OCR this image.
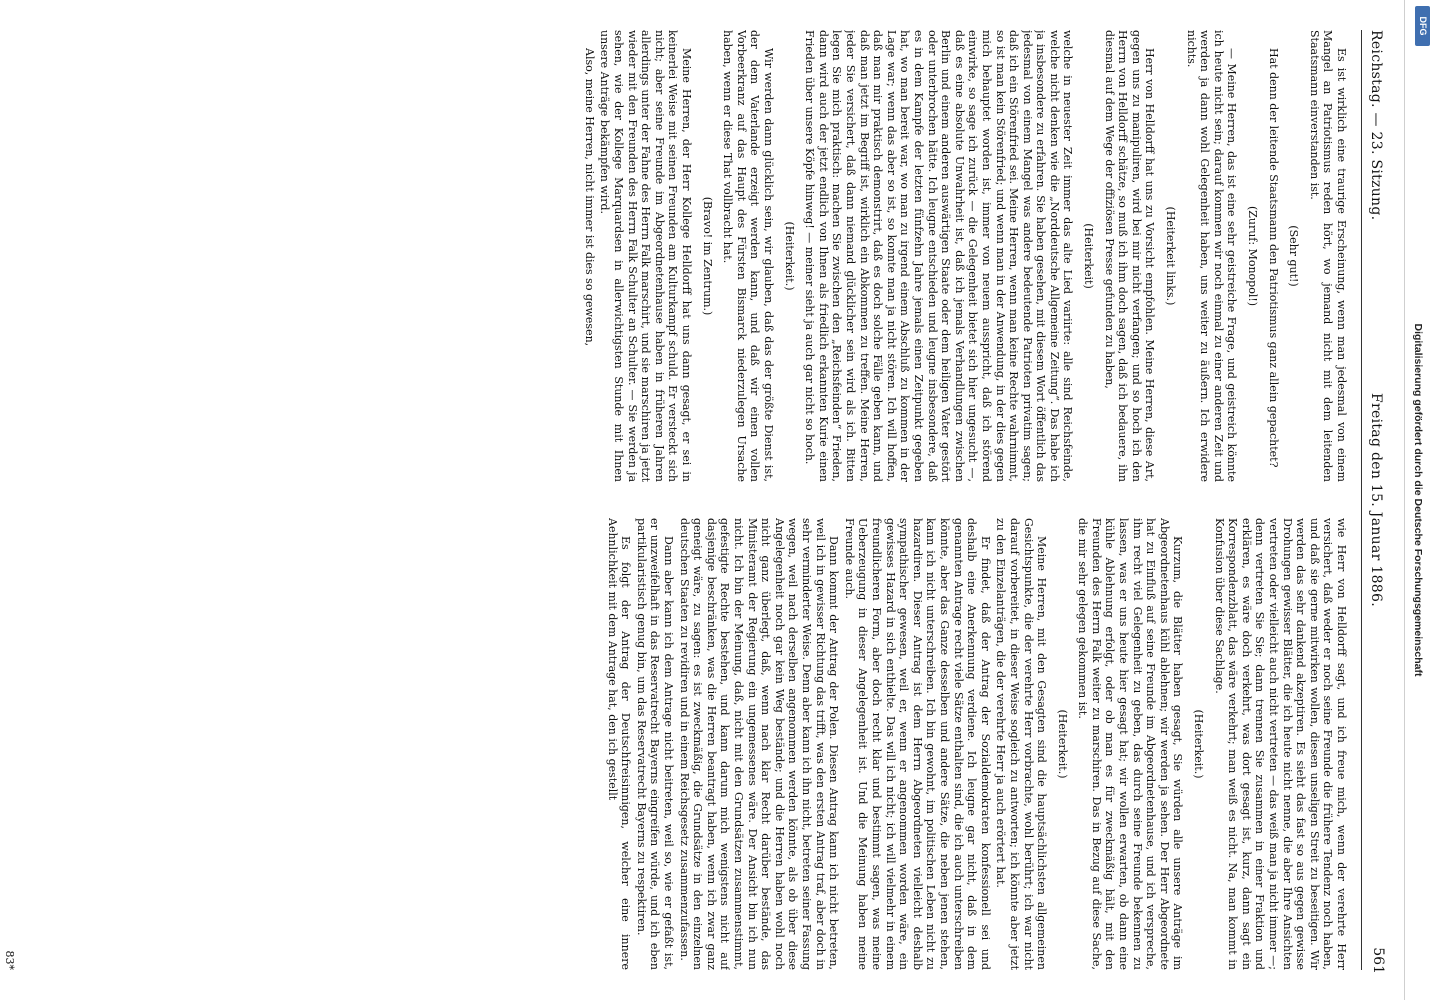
Reichstag. — 23. Sitzung.
Freitag den 15. Januar 1886.
561

Es ist wirklich eine traurige Erscheinung, wenn man jedesmal von einem Mangel an Patriotismus reden hört, wo jemand nicht mit dem leitenden Staatsmann einverstanden ist.

(Sehr gut!)

Hat denn der leitende Staatsmann den Patriotismus ganz allein gepachtet?

(Zuruf: Monopol!)

— Meine Herren, das ist eine sehr geistreiche Frage, und geistreich könnte ich heute nicht sein; darauf kommen wir noch einmal zu einer anderen Zeit und werden ja dann wohl Gelegenheit haben, uns weiter zu äußern. Ich erwidere nichts.

(Heiterkeit links.)

Herr von Helldorff hat uns zu Vorsicht empfohlen. Meine Herren, diese Art, gegen uns zu manipuliren, wird bei mir nicht verfangen; und so hoch ich den Herrn von Helldorff schätze, so muß ich ihm doch sagen, daß ich bedauere, ihn diesmal auf dem Wege der offiziösen Presse gefunden zu haben,

(Heiterkeit)

welche in neuester Zeit immer das alte Lied variirte: alle sind Reichsfeinde, welche nicht denken wie die „Norddeutsche Allgemeine Zeitung“. Das habe ich ja insbesondere zu erfahren. Sie haben gesehen, mit diesem Wort öffentlich das jedesmal von einem Mangel was andere bedeutende Patrioten privatim sagen; daß ich ein Störenfried sei. Meine Herren, wenn man keine Rechte wahrnimmt, so ist man kein Störenfried; und wenn man in der Anwendung, in der dies gegen mich behauptet worden ist, immer von neuem ausspricht, daß ich störend einwirke, so sage ich zurück — die Gelegenheit bietet sich hier ungesucht —, daß es eine absolute Unwahrheit ist, daß ich jemals Verhandlungen zwischen Berlin und einem anderen auswärtigen Staate oder dem heiligen Vater gestört oder unterbrochen hätte. Ich leugne entschieden und leugne insbesondere, daß es in dem Kampfe der letzten fünfzehn Jahre jemals einen Zeitpunkt gegeben hat, wo man bereit war, wo man zu irgend einem Abschluß zu kommen in der Lage war; wenn das aber so ist, so konnte man ja nicht stören. Ich will hoffen, daß man mir praktisch demonstrirt, daß es doch solche Fälle geben kann, und daß man jetzt im Begriff ist, wirklich ein Abkommen zu treffen. Meine Herren, jeder Sie versichert, daß dann niemand glücklicher sein wird als ich. Bitten legen Sie mich praktisch: machen Sie zwischen den „Reichsfeinden“ Frieden, dann wird auch der jetzt endlich von Ihnen als friedlich erkannten Kurie einen Frieden über unsere Köpfe hinweg! — meiner sieht ja auch gar nicht so hoch.

(Heiterkeit.)

Wir werden dann glücklich sein, wir glauben, daß das der größte Dienst ist, der dem Vaterlande erzeigt werden kann, und daß wir einen vollen Vorbeerkranz auf das Haupt des Fürsten Bismarck niederzulegen Ursache haben, wenn er diese That vollbracht hat.

(Bravo! im Zentrum.)

Meine Herren, der Herr Kollege Helldorff hat uns dann gesagt, er sei in keinerlei Weise mit seinen Freunden am Kulturkampf schuld. Er versteckt sich nicht; aber seine Freunde im Abgeordnetenhause haben in früheren Jahren allerdings unter der Fahne des Herrn Falk marschirt, und sie marschiren ja jetzt wieder mit den Freunden des Herrn Falk Schulter an Schulter. — Sie werden ja sehen, wie der Kollege Marquardsen in allerwichtigsten Stunde mit Ihnen unsere Anträge bekämpfen wird.

Also, meine Herren, nicht immer ist dies so gewesen,

wie Herr von Helldorff sagt, und ich freue mich, wenn der verehrte Herr versichert, daß weder er noch seine Freunde die frühere Tendenz noch haben, und daß sie gerne mitwirken wollen, diesen unseligen Streit zu beseitigen. Wir werden das sehr dankend akzeptiren. Es sieht das fast so aus gegen gewisse Drohungen gewisser Blätter, die ich heute nicht nenne, die aber Ihre Ansichten vertreten oder vielleicht auch nicht vertreten — das weiß man ja nicht immer —; denn vertreten Sie Sie; dann trennen Sie zusammen in einer Fraktion und erklären, es wäre doch verkehrt, was dort gesagt ist, kurz, dann sagt ein Korrespondenzblatt, das wäre verkehrt; man weiß es nicht. Na, man kommt in Konfusion über diese Sachlage.

(Heiterkeit.)

Kurzum, die Blätter haben gesagt, Sie würden alle unsere Anträge im Abgeordnetenhaus kühl ablehnen; wir werden ja sehen. Der Herr Abgeordnete hat zu Einfluß auf seine Freunde im Abgeordnetenhause, und ich verspreche, ihm recht viel Gelegenheit zu geben, das durch seine Freunde bekennen zu lassen, was er uns heute hier gesagt hat; wir wollen erwarten, ob dann eine kühle Ablehnung erfolgt, oder ob man es für zweckmäßig hält, mit den Freunden des Herrn Falk weiter zu marschiren. Das in Bezug auf diese Sache, die mir sehr gelegen gekommen ist.

(Heiterkeit.)

Meine Herren, mit den Gesagten sind die hauptsächlichsten allgemeinen Gesichtspunkte, die der verehrte Herr vorbrachte, wohl berührt; ich war nicht darauf vorbereitet, in dieser Weise sogleich zu antworten; ich könnte aber jetzt zu den Einzelanträgen, die der verehrte Herr ja auch erörtert hat.

Er findet, daß der Antrag der Sozialdemokraten konfessionell sei und deshalb eine Anerkennung verdiene. Ich leugne gar nicht, daß in dem genannten Antrage recht viele Sätze enthalten sind, die ich auch unterschreiben könnte, aber das Ganze desselben und andere Sätze, die neben jenen stehen, kann ich nicht unterschreiben. Ich bin gewohnt, im politischen Leben nicht zu hazardiren. Dieser Antrag ist dem Herrn Abgeordneten vielleicht deshalb sympathischer gewesen, weil er, wenn er angenommen worden wäre, ein gewisses Hazard in sich enthielte. Das will ich nicht; ich will vielmehr in einem freundlicheren Form, aber doch recht klar und bestimmt sagen, was meine Ueberzeugung in dieser Angelegenheit ist. Und die Meinung haben meine Freunde auch.

Dann kommt der Antrag der Polen. Diesen Antrag kann ich nicht betreten, weil ich in gewisser Richtung das trifft, was den ersten Antrag traf, aber doch in sehr verminderter Weise. Denn aber kann ich ihn nicht, betreten seiner Fassung wegen, weil nach derselben angenommen werden könnte, als ob über diese Angelegenheit noch gar kein Weg bestände; und die Herren haben wohl noch nicht ganz überlegt, daß, wenn nach klar Recht darüber bestände, das Ministeramt der Regierung ein ungemessenes wäre. Der Ansicht bin ich nun nicht. Ich bin der Meinung, daß, nicht mit den Grundsätzen zusammenstimmt, gefestigte Rechte bestehen, und kann darum mich wenigstens nicht auf dasjenige beschränken, was die Herren beantragt haben, wenn ich zwar ganz geneigt wäre, zu sagen: es ist zweckmäßig, die Grundsätze in den einzelnen deutschen Staaten zu revidiren und in einem Reichsgesetz zusammenzufassen.

Dann aber kann ich dem Antrage nicht beitreten, weil so, wie er gefaßt ist, er unzweifelhaft in das Reservatrecht Bayerns eingreifen würde, und ich eben partikularistisch genug bin, um das Reservatrecht Bayerns zu respektiren.

Es folgt der Antrag der Deutschfreisinnigen, welcher eine innere Aehnlichkeit mit dem Antrage hat, den ich gestellt

83*
Digitalisierung gefördert durch die Deutsche Forschungsgemeinschaft
DFG
